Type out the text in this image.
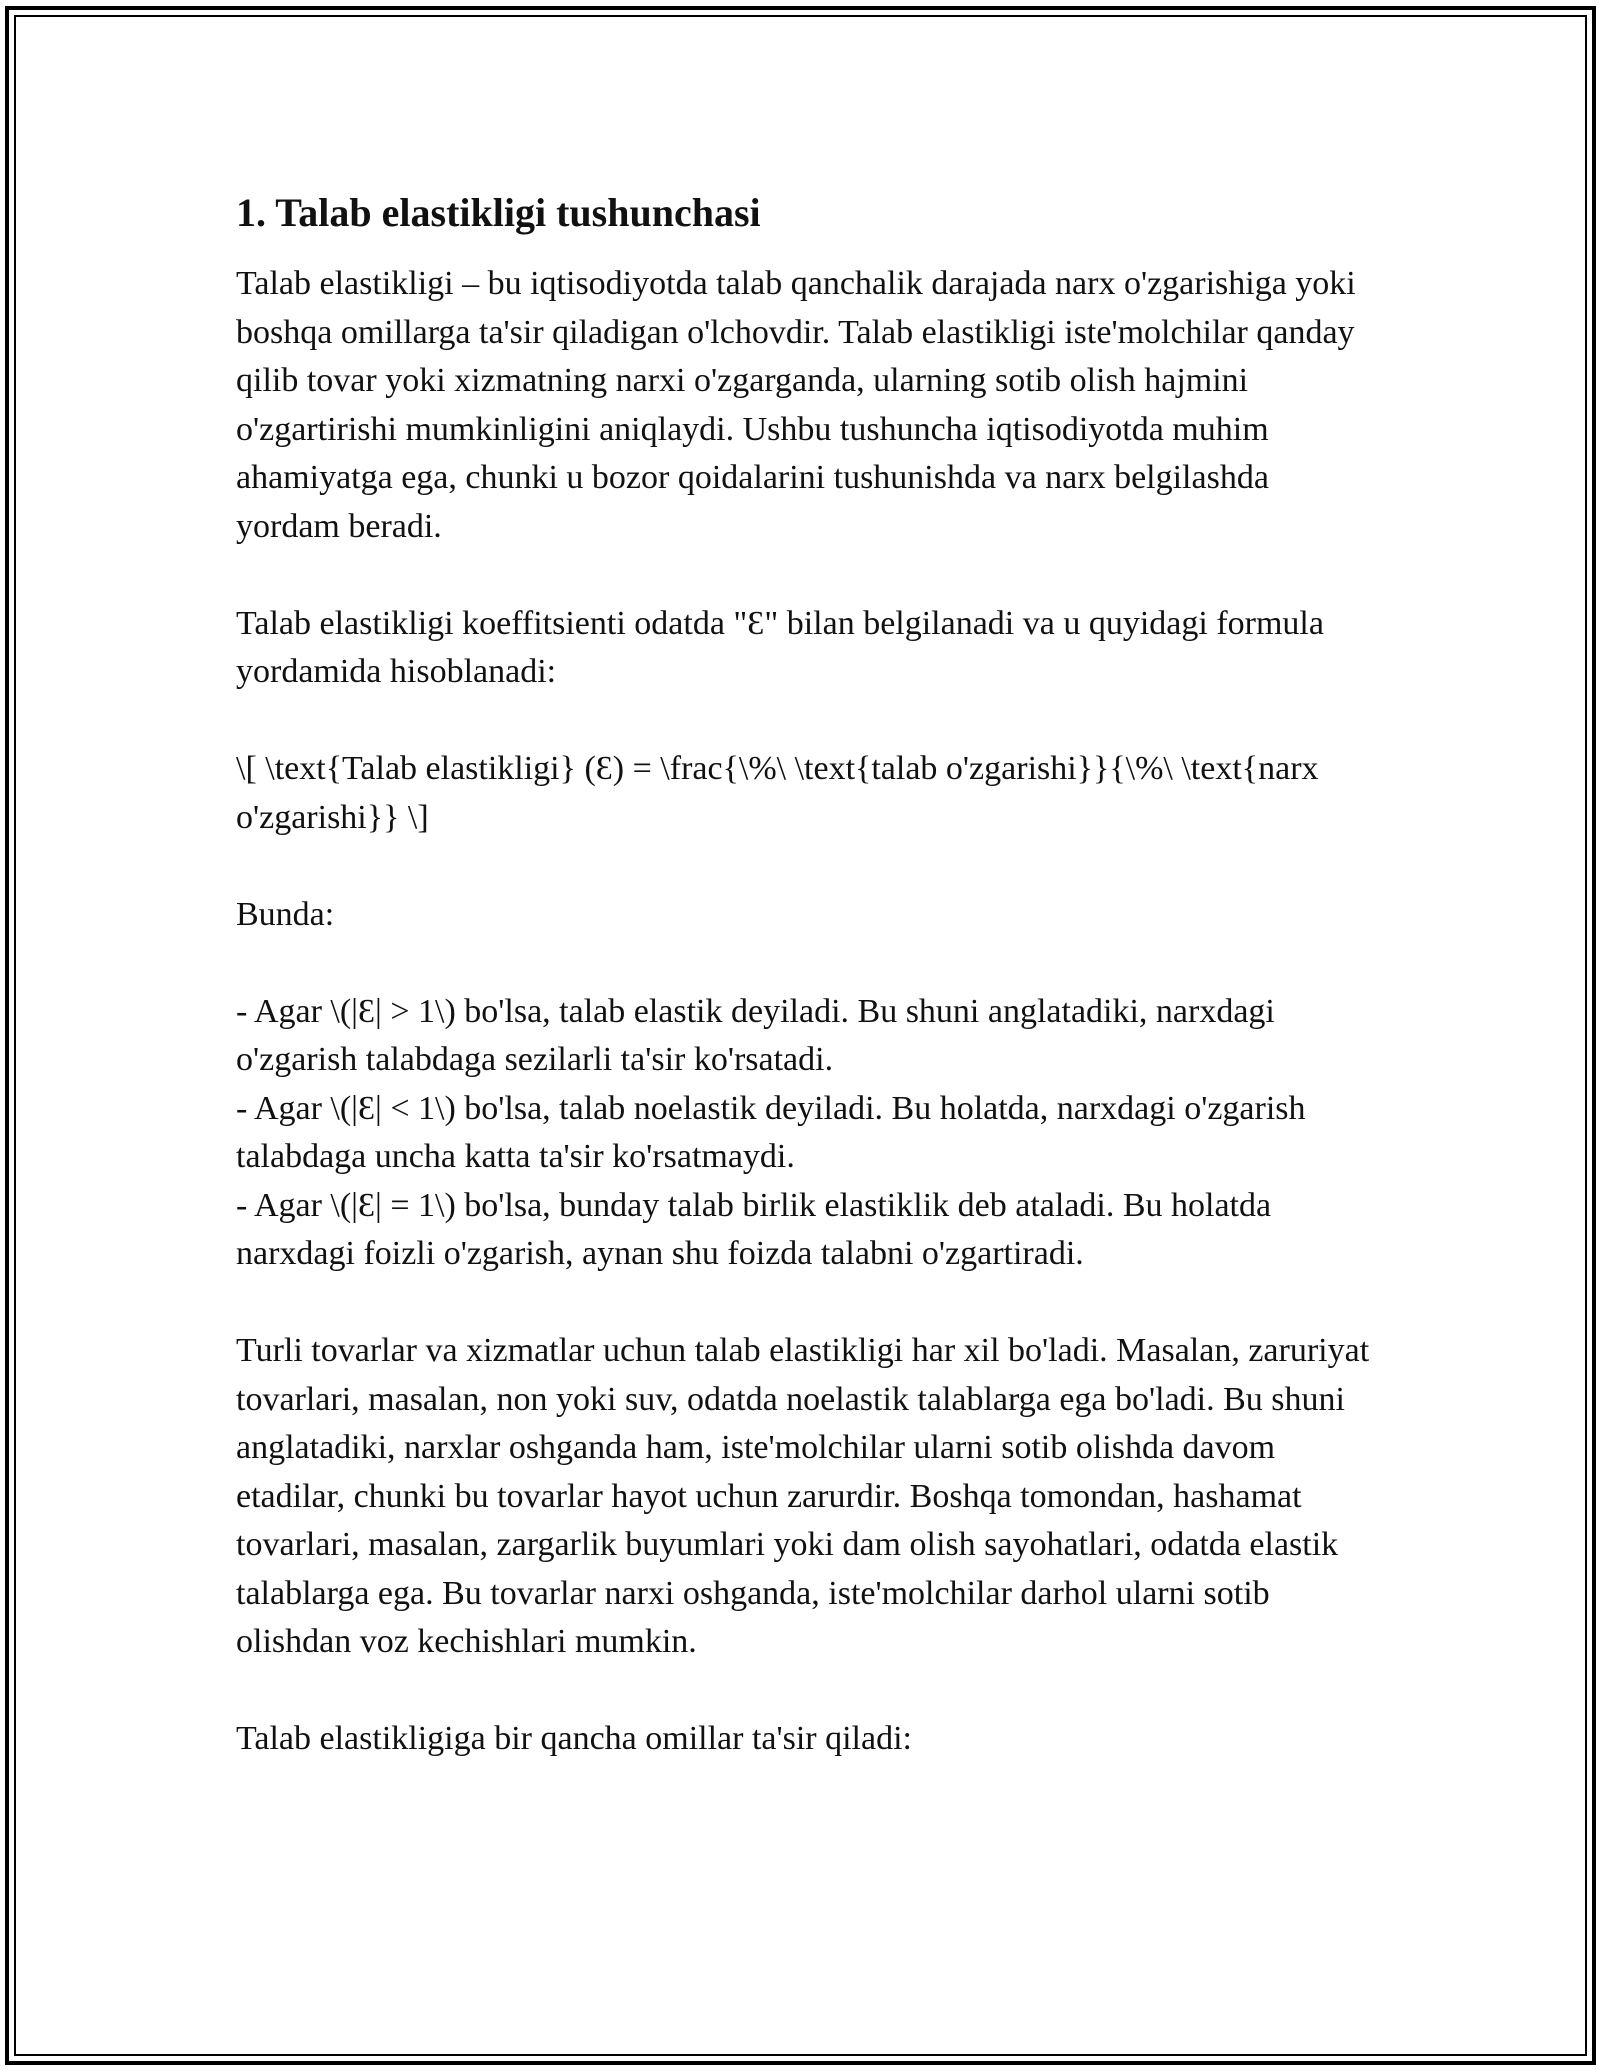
1. Talab elastikligi tushunchasi

Talab elastikligi – bu iqtisodiyotda talab qanchalik darajada narx o'zgarishiga yoki boshqa omillarga ta'sir qiladigan o'lchovdir. Talab elastikligi iste'molchilar qanday qilib tovar yoki xizmatning narxi o'zgarganda, ularning sotib olish hajmini o'zgartirishi mumkinligini aniqlaydi. Ushbu tushuncha iqtisodiyotda muhim ahamiyatga ega, chunki u bozor qoidalarini tushunishda va narx belgilashda yordam beradi.

Talab elastikligi koeffitsienti odatda "Ɛ" bilan belgilanadi va u quyidagi formula yordamida hisoblanadi:

\[ \text{Talab elastikligi} (Ɛ) = \frac{\%\ \text{talab o'zgarishi}}{\%\ \text{narx o'zgarishi}} \]

Bunda:

- Agar \(|Ɛ| > 1\) bo'lsa, talab elastik deyiladi. Bu shuni anglatadiki, narxdagi o'zgarish talabdaga sezilarli ta'sir ko'rsatadi.

- Agar \(|Ɛ| < 1\) bo'lsa, talab noelastik deyiladi. Bu holatda, narxdagi o'zgarish talabdaga uncha katta ta'sir ko'rsatmaydi.

- Agar \(|Ɛ| = 1\) bo'lsa, bunday talab birlik elastiklik deb ataladi. Bu holatda narxdagi foizli o'zgarish, aynan shu foizda talabni o'zgartiradi.

Turli tovarlar va xizmatlar uchun talab elastikligi har xil bo'ladi. Masalan, zaruriyat tovarlari, masalan, non yoki suv, odatda noelastik talablarga ega bo'ladi. Bu shuni anglatadiki, narxlar oshganda ham, iste'molchilar ularni sotib olishda davom etadilar, chunki bu tovarlar hayot uchun zarurdir. Boshqa tomondan, hashamat tovarlari, masalan, zargarlik buyumlari yoki dam olish sayohatlari, odatda elastik talablarga ega. Bu tovarlar narxi oshganda, iste'molchilar darhol ularni sotib olishdan voz kechishlari mumkin.

Talab elastikligiga bir qancha omillar ta'sir qiladi:
